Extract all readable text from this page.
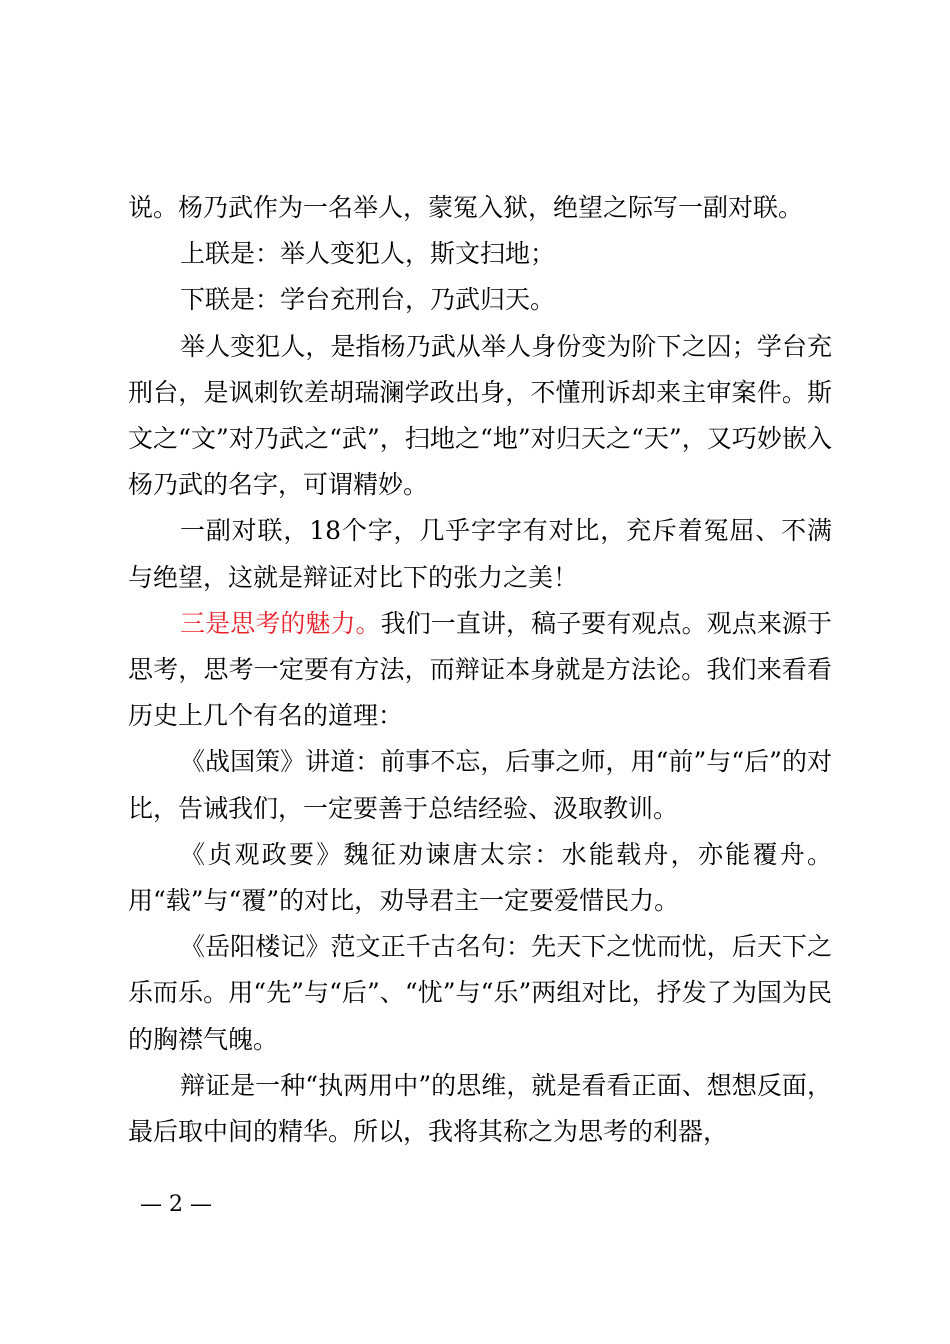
说。杨乃武作为一名举人，蒙冤入狱，绝望之际写一副对联。

上联是：举人变犯人，斯文扫地；

下联是：学台充刑台，乃武归天。

举人变犯人，是指杨乃武从举人身份变为阶下之囚；学台充刑台，是讽刺钦差胡瑞澜学政出身，不懂刑诉却来主审案件。斯文之“文”对乃武之“武”，扫地之“地”对归天之“天”，又巧妙嵌入杨乃武的名字，可谓精妙。

一副对联，18个字，几乎字字有对比，充斥着冤屈、不满与绝望，这就是辩证对比下的张力之美！

三是思考的魅力。我们一直讲，稿子要有观点。观点来源于思考，思考一定要有方法，而辩证本身就是方法论。我们来看看历史上几个有名的道理：

《战国策》讲道：前事不忘，后事之师，用“前”与“后”的对比，告诫我们，一定要善于总结经验、汲取教训。

《贞观政要》魏征劝谏唐太宗：水能载舟，亦能覆舟。用“载”与“覆”的对比，劝导君主一定要爱惜民力。

《岳阳楼记》范文正千古名句：先天下之忧而忧，后天下之乐而乐。用“先”与“后”、“忧”与“乐”两组对比，抒发了为国为民的胸襟气魄。

辩证是一种“执两用中”的思维，就是看看正面、想想反面，最后取中间的精华。所以，我将其称之为思考的利器，

— 2 —
